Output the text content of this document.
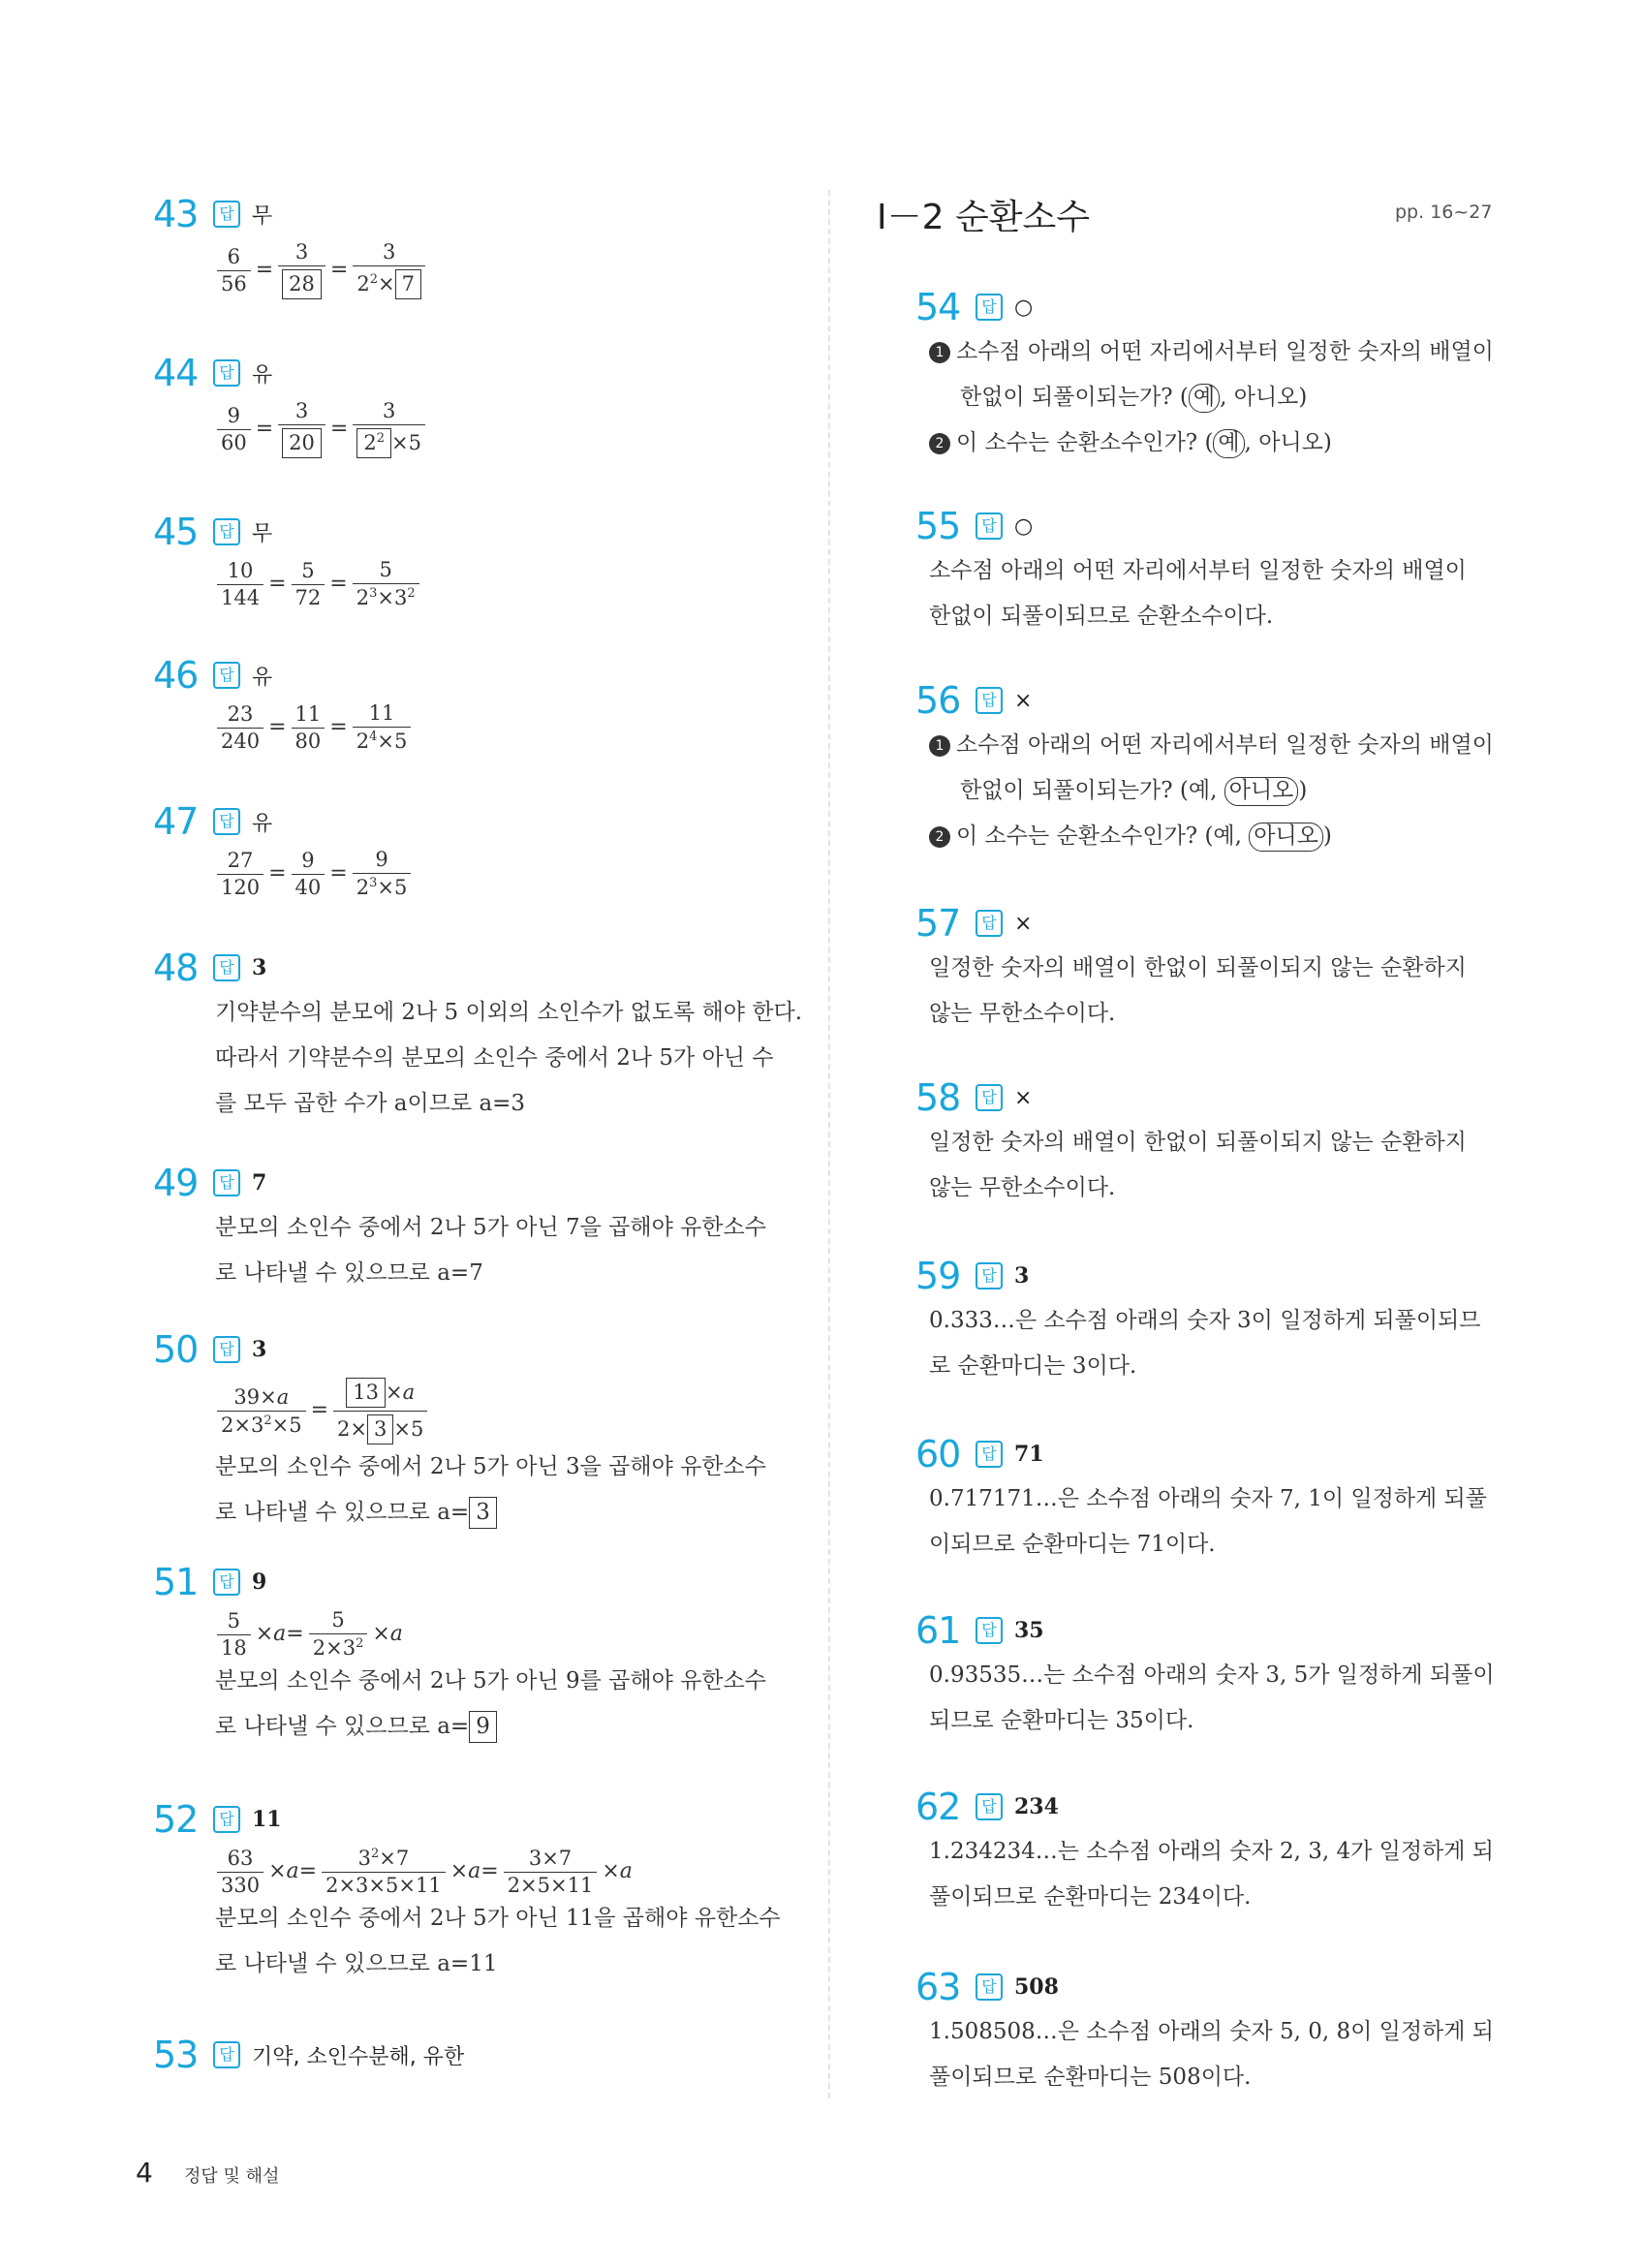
43	답 무
$\frac{6}{56} = \frac{3}{28} = \frac{3}{2^2\times 7}$
44	답 유
$\frac{9}{60} = \frac{3}{20} = \frac{3}{2^2 \times 5}$
45	답 무
$\frac{10}{144} = \frac{5}{72} = \frac{5}{2^3\times 3^2}$
46	답 유
$\frac{23}{240} = \frac{11}{80} = \frac{11}{2^4\times 5}$
47	답 유
$\frac{27}{120} = \frac{9}{40} = \frac{9}{2^3\times 5}$
48	답 3
기약분수의 분모에 2나 5 이외의 소인수가 없도록 해야 한다.
따라서 기약분수의 분모의 소인수 중에서 2나 5가 아닌 수
를 모두 곱한 수가 a이므로 a=3
49	답 7
분모의 소인수 중에서 2나 5가 아닌 7을 곱해야 유한소수
로 나타낼 수 있으므로 a=7
50	답 3
$\frac{39\times a}{2\times 3^2\times 5} = \frac{13 \times a}{2\times 3 \times 5}$
분모의 소인수 중에서 2나 5가 아닌 3을 곱해야 유한소수
로 나타낼 수 있으므로 a= 3
51	답 9
$\frac{5}{18} \times a= \frac{5}{2\times 3^2} \times a$
분모의 소인수 중에서 2나 5가 아닌 9를 곱해야 유한소수
로 나타낼 수 있으므로 a= 9
52	답 11
$\frac{63}{330} \times a= \frac{3^2\times 7}{2\times 3\times 5\times 11} \times a= \frac{3\times 7}{2\times 5\times 11} \times a$
분모의 소인수 중에서 2나 5가 아닌 11을 곱해야 유한소수
로 나타낼 수 있으므로 a=11
53	답 기약, 소인수분해, 유한
Ⅰ－2 순환소수	pp. 16~27
54	답 ○
1 소수점 아래의 어떤 자리에서부터 일정한 숫자의 배열이
한없이 되풀이되는가? ( 예 , 아니오)
2 이 소수는 순환소수인가? ( 예 , 아니오)
55	답 ○
소수점 아래의 어떤 자리에서부터 일정한 숫자의 배열이
한없이 되풀이되므로 순환소수이다.
56	답 ×
1 소수점 아래의 어떤 자리에서부터 일정한 숫자의 배열이
한없이 되풀이되는가? (예, 아니오 )
2 이 소수는 순환소수인가? (예, 아니오 )
57	답 ×
일정한 숫자의 배열이 한없이 되풀이되지 않는 순환하지
않는 무한소수이다.
58	답 ×
일정한 숫자의 배열이 한없이 되풀이되지 않는 순환하지
않는 무한소수이다.
59	답 3
0.333…은 소수점 아래의 숫자 3이 일정하게 되풀이되므
로 순환마디는 3이다.
60	답 71
0.717171…은 소수점 아래의 숫자 7, 1이 일정하게 되풀
이되므로 순환마디는 71이다.
61	답 35
0.93535…는 소수점 아래의 숫자 3, 5가 일정하게 되풀이
되므로 순환마디는 35이다.
62	답 234
1.234234…는 소수점 아래의 숫자 2, 3, 4가 일정하게 되
풀이되므로 순환마디는 234이다.
63	답 508
1.508508…은 소수점 아래의 숫자 5, 0, 8이 일정하게 되
풀이되므로 순환마디는 508이다.
4 정답 및 해설
